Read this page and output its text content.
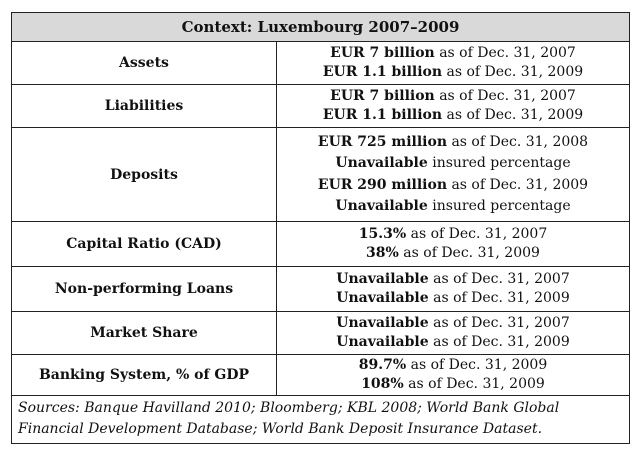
Context: Luxembourg 2007–2009	
Assets	EUR 7 billion as of Dec. 31, 2007
EUR 1.1 billion as of Dec. 31, 2009

Liabilities	EUR 7 billion as of Dec. 31, 2007
EUR 1.1 billion as of Dec. 31, 2009

Deposits	EUR 725 million as of Dec. 31, 2008
Unavailable insured percentage
EUR 290 million as of Dec. 31, 2009
Unavailable insured percentage

Capital Ratio (CAD)	15.3% as of Dec. 31, 2007
38% as of Dec. 31, 2009

Non-performing Loans	Unavailable as of Dec. 31, 2007
Unavailable as of Dec. 31, 2009

Market Share	Unavailable as of Dec. 31, 2007
Unavailable as of Dec. 31, 2009

Banking System, % of GDP	89.7% as of Dec. 31, 2009
108% as of Dec. 31, 2009

Sources: Banque Havilland 2010; Bloomberg; KBL 2008; World Bank Global Financial Development Database; World Bank Deposit Insurance Dataset.	
